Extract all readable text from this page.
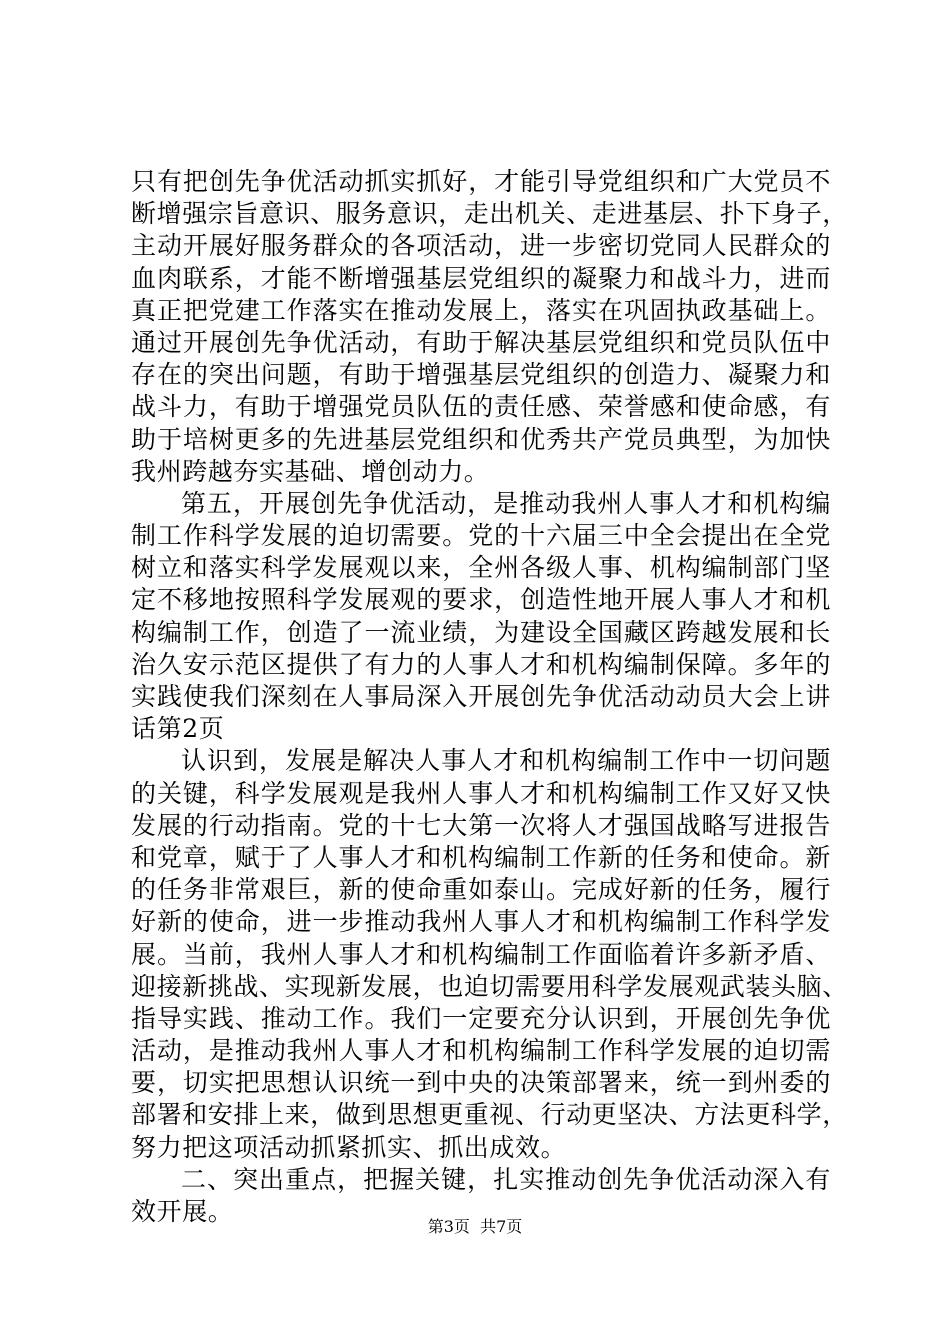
只有把创先争优活动抓实抓好，才能引导党组织和广大党员不
断增强宗旨意识、服务意识，走出机关、走进基层、扑下身子，
主动开展好服务群众的各项活动，进一步密切党同人民群众的
血肉联系，才能不断增强基层党组织的凝聚力和战斗力，进而
真正把党建工作落实在推动发展上，落实在巩固执政基础上。
通过开展创先争优活动，有助于解决基层党组织和党员队伍中
存在的突出问题，有助于增强基层党组织的创造力、凝聚力和
战斗力，有助于增强党员队伍的责任感、荣誉感和使命感，有
助于培树更多的先进基层党组织和优秀共产党员典型，为加快
我州跨越夯实基础、增创动力。
第五，开展创先争优活动，是推动我州人事人才和机构编
制工作科学发展的迫切需要。党的十六届三中全会提出在全党
树立和落实科学发展观以来，全州各级人事、机构编制部门坚
定不移地按照科学发展观的要求，创造性地开展人事人才和机
构编制工作，创造了一流业绩，为建设全国藏区跨越发展和长
治久安示范区提供了有力的人事人才和机构编制保障。多年的
实践使我们深刻在人事局深入开展创先争优活动动员大会上讲
话第2页
认识到，发展是解决人事人才和机构编制工作中一切问题
的关键，科学发展观是我州人事人才和机构编制工作又好又快
发展的行动指南。党的十七大第一次将人才强国战略写进报告
和党章，赋于了人事人才和机构编制工作新的任务和使命。新
的任务非常艰巨，新的使命重如泰山。完成好新的任务，履行
好新的使命，进一步推动我州人事人才和机构编制工作科学发
展。当前，我州人事人才和机构编制工作面临着许多新矛盾、
迎接新挑战、实现新发展，也迫切需要用科学发展观武装头脑、
指导实践、推动工作。我们一定要充分认识到，开展创先争优
活动，是推动我州人事人才和机构编制工作科学发展的迫切需
要，切实把思想认识统一到中央的决策部署来，统一到州委的
部署和安排上来，做到思想更重视、行动更坚决、方法更科学，
努力把这项活动抓紧抓实、抓出成效。
二、突出重点，把握关键，扎实推动创先争优活动深入有
效开展。
第3页  共7页
